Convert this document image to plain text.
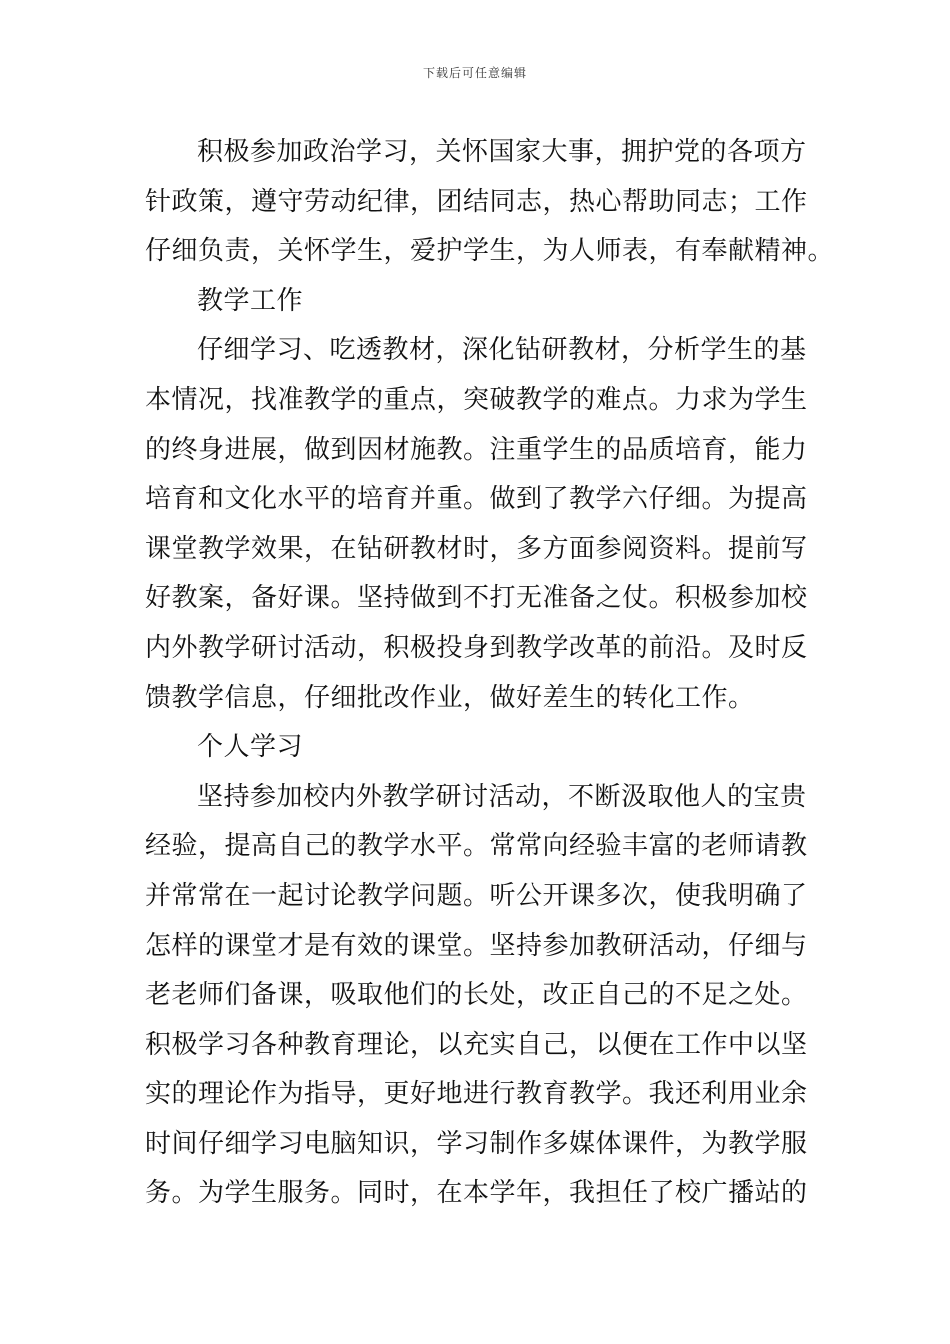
下载后可任意编辑
积极参加政治学习，关怀国家大事，拥护党的各项方
针政策，遵守劳动纪律，团结同志，热心帮助同志；工作
仔细负责，关怀学生，爱护学生，为人师表，有奉献精神。
教学工作
仔细学习、吃透教材，深化钻研教材，分析学生的基
本情况，找准教学的重点，突破教学的难点。力求为学生
的终身进展，做到因材施教。注重学生的品质培育，能力
培育和文化水平的培育并重。做到了教学六仔细。为提高
课堂教学效果，在钻研教材时，多方面参阅资料。提前写
好教案，备好课。坚持做到不打无准备之仗。积极参加校
内外教学研讨活动，积极投身到教学改革的前沿。及时反
馈教学信息，仔细批改作业，做好差生的转化工作。
个人学习
坚持参加校内外教学研讨活动，不断汲取他人的宝贵
经验，提高自己的教学水平。常常向经验丰富的老师请教
并常常在一起讨论教学问题。听公开课多次，使我明确了
怎样的课堂才是有效的课堂。坚持参加教研活动，仔细与
老老师们备课，吸取他们的长处，改正自己的不足之处。
积极学习各种教育理论，以充实自己，以便在工作中以坚
实的理论作为指导，更好地进行教育教学。我还利用业余
时间仔细学习电脑知识，学习制作多媒体课件，为教学服
务。为学生服务。同时，在本学年，我担任了校广播站的
